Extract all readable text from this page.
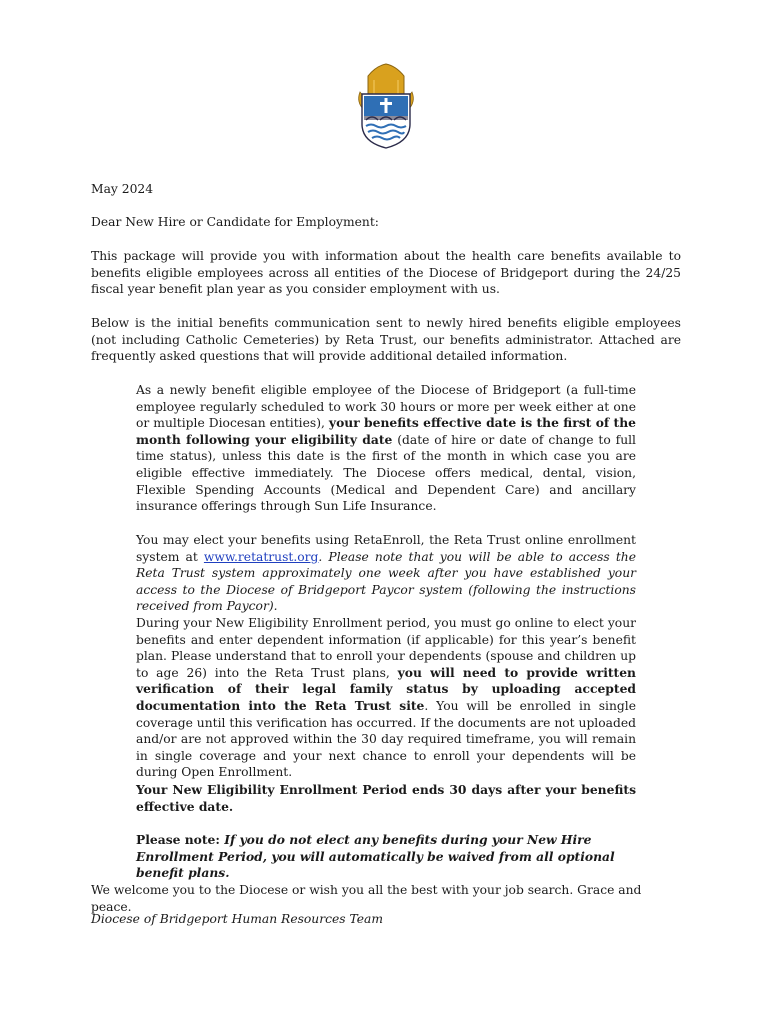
May 2024

Dear New Hire or Candidate for Employment:

This package will provide you with information about the health care benefits available to benefits eligible employees across all entities of the Diocese of Bridgeport during the 24/25 fiscal year benefit plan year as you consider employment with us.

Below is the initial benefits communication sent to newly hired benefits eligible employees (not including Catholic Cemeteries) by Reta Trust, our benefits administrator. Attached are frequently asked questions that will provide additional detailed information.

As a newly benefit eligible employee of the Diocese of Bridgeport (a full-time employee regularly scheduled to work 30 hours or more per week either at one or multiple Diocesan entities), your benefits effective date is the first of the month following your eligibility date (date of hire or date of change to full time status), unless this date is the first of the month in which case you are eligible effective immediately. The Diocese offers medical, dental, vision, Flexible Spending Accounts (Medical and Dependent Care) and ancillary insurance offerings through Sun Life Insurance.

You may elect your benefits using RetaEnroll, the Reta Trust online enrollment system at www.retatrust.org. Please note that you will be able to access the Reta Trust system approximately one week after you have established your access to the Diocese of Bridgeport Paycor system (following the instructions received from Paycor).

During your New Eligibility Enrollment period, you must go online to elect your benefits and enter dependent information (if applicable) for this year’s benefit plan. Please understand that to enroll your dependents (spouse and children up to age 26) into the Reta Trust plans, you will need to provide written verification of their legal family status by uploading accepted documentation into the Reta Trust site. You will be enrolled in single coverage until this verification has occurred. If the documents are not uploaded and/or are not approved within the 30 day required timeframe, you will remain in single coverage and your next chance to enroll your dependents will be during Open Enrollment.

Your New Eligibility Enrollment Period ends 30 days after your benefits effective date.

Please note: If you do not elect any benefits during your New Hire Enrollment Period, you will automatically be waived from all optional benefit plans.

We welcome you to the Diocese or wish you all the best with your job search. Grace and peace.

Diocese of Bridgeport Human Resources Team
